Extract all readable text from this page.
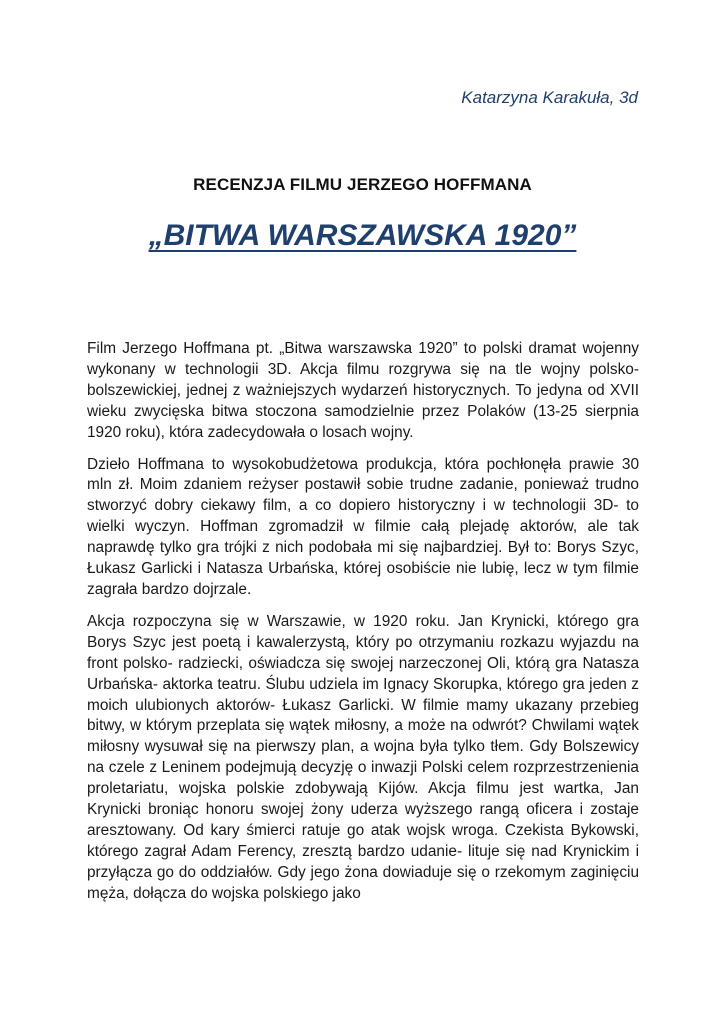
Katarzyna Karakuła, 3d
RECENZJA FILMU JERZEGO HOFFMANA
„BITWA WARSZAWSKA 1920”

Film Jerzego Hoffmana pt. „Bitwa warszawska 1920” to polski dramat wojenny wykonany w technologii 3D. Akcja filmu rozgrywa się na tle wojny polsko- bolszewickiej, jednej z ważniejszych wydarzeń historycznych. To jedyna od XVII wieku zwycięska bitwa stoczona samodzielnie przez Polaków (13-25 sierpnia 1920 roku), która zadecydowała o losach wojny.

Dzieło Hoffmana to wysokobudżetowa produkcja, która pochłonęła prawie 30 mln zł. Moim zdaniem reżyser postawił sobie trudne zadanie, ponieważ trudno stworzyć dobry ciekawy film, a co dopiero historyczny i w technologii 3D- to wielki wyczyn. Hoffman zgromadził w filmie całą plejadę aktorów, ale tak naprawdę tylko gra trójki z nich podobała mi się najbardziej. Był to: Borys Szyc, Łukasz Garlicki i Natasza Urbańska, której osobiście nie lubię, lecz w tym filmie zagrała bardzo dojrzale.

Akcja rozpoczyna się w Warszawie, w 1920 roku. Jan Krynicki, którego gra Borys Szyc jest poetą i kawalerzystą, który po otrzymaniu rozkazu wyjazdu na front polsko- radziecki, oświadcza się swojej narzeczonej Oli, którą gra Natasza Urbańska- aktorka teatru. Ślubu udziela im Ignacy Skorupka, którego gra jeden z moich ulubionych aktorów- Łukasz Garlicki. W filmie mamy ukazany przebieg bitwy, w którym przeplata się wątek miłosny, a może na odwrót? Chwilami wątek miłosny wysuwał się na pierwszy plan, a wojna była tylko tłem. Gdy Bolszewicy na czele z Leninem podejmują decyzję o inwazji Polski celem rozprzestrzenienia proletariatu, wojska polskie zdobywają Kijów. Akcja filmu jest wartka, Jan Krynicki broniąc honoru swojej żony uderza wyższego rangą oficera i zostaje aresztowany. Od kary śmierci ratuje go atak wojsk wroga. Czekista Bykowski, którego zagrał Adam Ferency, zresztą bardzo udanie- lituje się nad Krynickim i przyłącza go do oddziałów. Gdy jego żona dowiaduje się o rzekomym zaginięciu męża, dołącza do wojska polskiego jako
